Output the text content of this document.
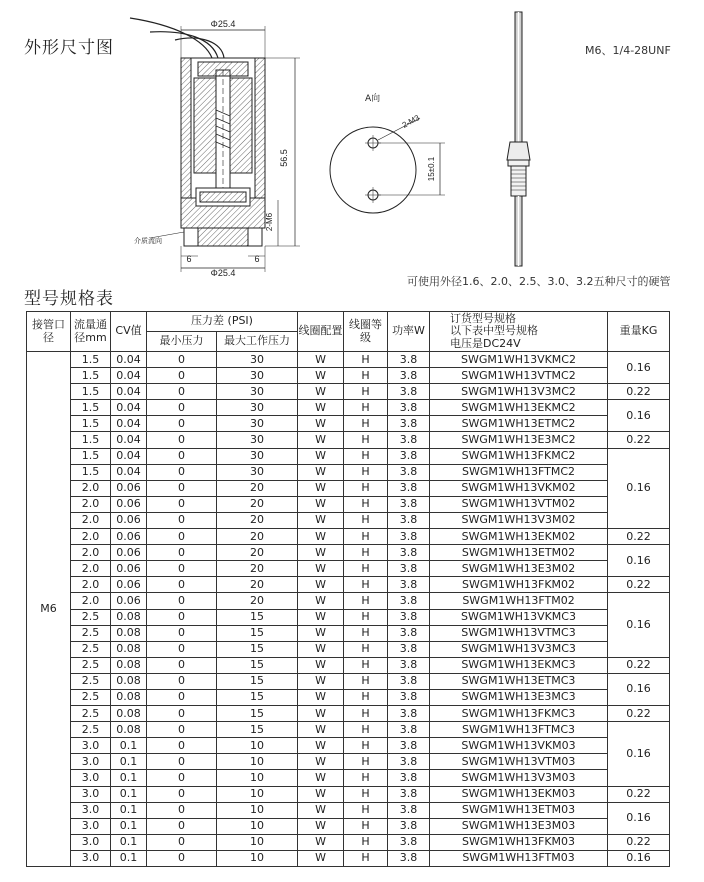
外形尺寸图
Φ25.4
56.5
2-M6
6	6
Φ25.4
介质流向
A向
2-M3
15±0.1
M6、1/4-28UNF
可使用外径1.6、2.0、2.5、3.0、3.2五种尺寸的硬管
型号规格表
接管口径	流量通径mm	CV值	压力差 (PSI)		线圈配置	线圈等级	功率W	订货型号规格
以下表中型号规格
电压是DC24V	重量KG
			最小压力	最大工作压力					
M6	1.5	0.04	0	30	W	H	3.8	SWGM1WH13VKMC2	0.16
	1.5	0.04	0	30	W	H	3.8	SWGM1WH13VTMC2	
	1.5	0.04	0	30	W	H	3.8	SWGM1WH13V3MC2	0.22
	1.5	0.04	0	30	W	H	3.8	SWGM1WH13EKMC2	0.16
	1.5	0.04	0	30	W	H	3.8	SWGM1WH13ETMC2	
	1.5	0.04	0	30	W	H	3.8	SWGM1WH13E3MC2	0.22
	1.5	0.04	0	30	W	H	3.8	SWGM1WH13FKMC2	0.16
	1.5	0.04	0	30	W	H	3.8	SWGM1WH13FTMC2	
	2.0	0.06	0	20	W	H	3.8	SWGM1WH13VKM02	
	2.0	0.06	0	20	W	H	3.8	SWGM1WH13VTM02	
	2.0	0.06	0	20	W	H	3.8	SWGM1WH13V3M02	
	2.0	0.06	0	20	W	H	3.8	SWGM1WH13EKM02	0.22
	2.0	0.06	0	20	W	H	3.8	SWGM1WH13ETM02	0.16
	2.0	0.06	0	20	W	H	3.8	SWGM1WH13E3M02	
	2.0	0.06	0	20	W	H	3.8	SWGM1WH13FKM02	0.22
	2.0	0.06	0	20	W	H	3.8	SWGM1WH13FTM02	0.16
	2.5	0.08	0	15	W	H	3.8	SWGM1WH13VKMC3	
	2.5	0.08	0	15	W	H	3.8	SWGM1WH13VTMC3	
	2.5	0.08	0	15	W	H	3.8	SWGM1WH13V3MC3	
	2.5	0.08	0	15	W	H	3.8	SWGM1WH13EKMC3	0.22
	2.5	0.08	0	15	W	H	3.8	SWGM1WH13ETMC3	0.16
	2.5	0.08	0	15	W	H	3.8	SWGM1WH13E3MC3	
	2.5	0.08	0	15	W	H	3.8	SWGM1WH13FKMC3	0.22
	2.5	0.08	0	15	W	H	3.8	SWGM1WH13FTMC3	0.16
	3.0	0.1	0	10	W	H	3.8	SWGM1WH13VKM03	
	3.0	0.1	0	10	W	H	3.8	SWGM1WH13VTM03	
	3.0	0.1	0	10	W	H	3.8	SWGM1WH13V3M03	
	3.0	0.1	0	10	W	H	3.8	SWGM1WH13EKM03	0.22
	3.0	0.1	0	10	W	H	3.8	SWGM1WH13ETM03	0.16
	3.0	0.1	0	10	W	H	3.8	SWGM1WH13E3M03	
	3.0	0.1	0	10	W	H	3.8	SWGM1WH13FKM03	0.22
	3.0	0.1	0	10	W	H	3.8	SWGM1WH13FTM03	0.16
